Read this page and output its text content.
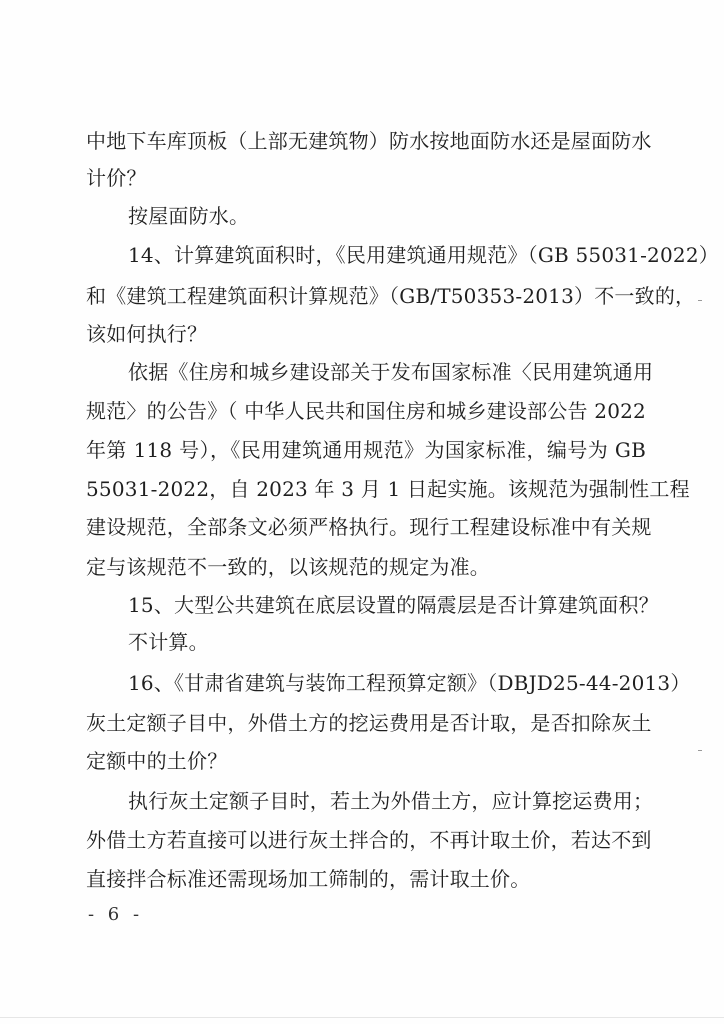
中地下车库顶板（上部无建筑物）防水按地面防水还是屋面防水
计价？
按屋面防水。
14、计算建筑面积时，《民用建筑通用规范》（GB 55031-2022）
和《建筑工程建筑面积计算规范》（GB/T50353-2013）不一致的，
该如何执行？
依据《住房和城乡建设部关于发布国家标准〈民用建筑通用
规范〉的公告》（ 中华人民共和国住房和城乡建设部公告 2022
年第 118 号），《民用建筑通用规范》为国家标准，编号为 GB
55031-2022，自 2023 年 3 月 1 日起实施。该规范为强制性工程
建设规范，全部条文必须严格执行。现行工程建设标准中有关规
定与该规范不一致的，以该规范的规定为准。
15、大型公共建筑在底层设置的隔震层是否计算建筑面积？
不计算。
16、《甘肃省建筑与装饰工程预算定额》（DBJD25-44-2013）
灰土定额子目中，外借土方的挖运费用是否计取，是否扣除灰土
定额中的土价？
执行灰土定额子目时，若土为外借土方，应计算挖运费用；
外借土方若直接可以进行灰土拌合的，不再计取土价，若达不到
直接拌合标准还需现场加工筛制的，需计取土价。
- 6 -
